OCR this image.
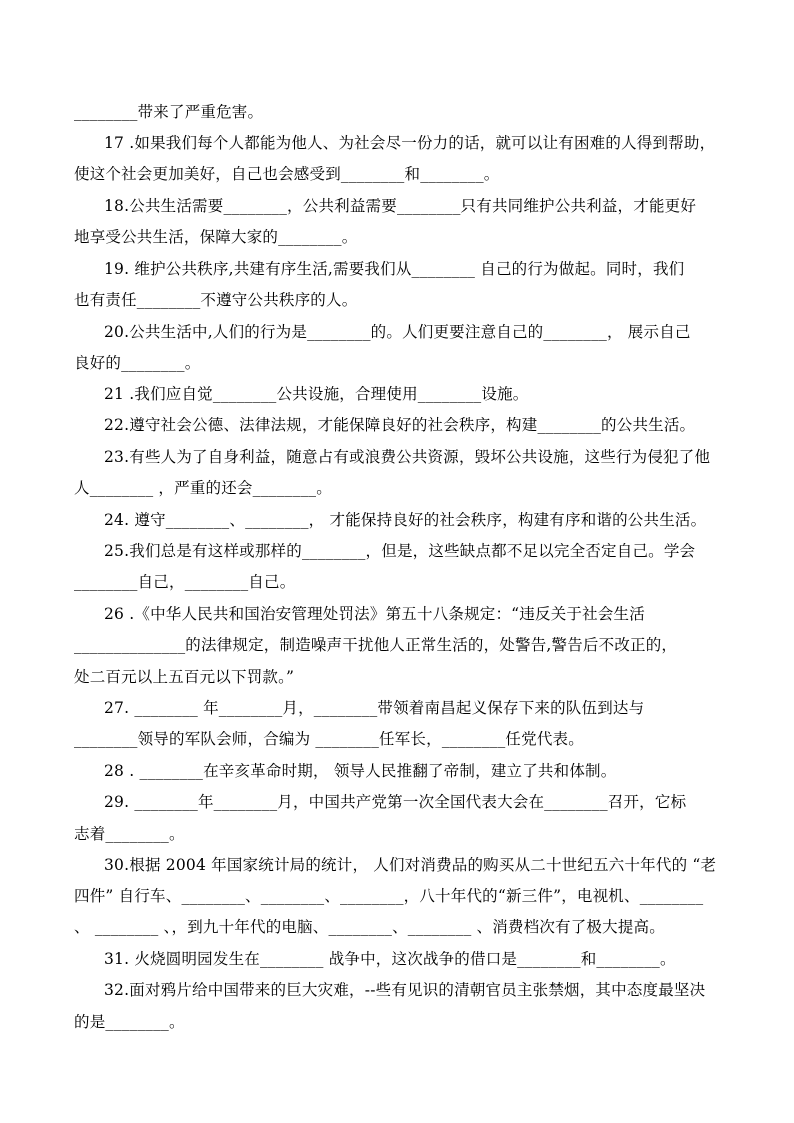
________带来了严重危害。
17 .如果我们每个人都能为他人、为社会尽一份力的话，就可以让有困难的人得到帮助，
使这个社会更加美好，自己也会感受到________和________。
18.公共生活需要________，公共利益需要________只有共同维护公共利益，才能更好
地享受公共生活，保障大家的________。
19. 维护公共秩序,共建有序生活,需要我们从________ 自己的行为做起。同时，我们
也有责任________不遵守公共秩序的人。
20.公共生活中,人们的行为是________的。人们更要注意自己的________， 展示自己
良好的________。
21 .我们应自觉________公共设施，合理使用________设施。
22.遵守社会公德、法律法规，才能保障良好的社会秩序，构建________的公共生活。
23.有些人为了自身利益，随意占有或浪费公共资源，毁坏公共设施，这些行为侵犯了他
人________ ，严重的还会________。
24. 遵守________、________， 才能保持良好的社会秩序，构建有序和谐的公共生活。
25.我们总是有这样或那样的________，但是，这些缺点都不足以完全否定自己。学会
________自己，________自己。
26 .《中华人民共和国治安管理处罚法》第五十八条规定：“违反关于社会生活
______________的法律规定，制造噪声干扰他人正常生活的，处警告,警告后不改正的，
处二百元以上五百元以下罚款。”
27. ________ 年________月，________带领着南昌起义保存下来的队伍到达与
________领导的军队会师，合编为 ________任军长，________任党代表。
28 . ________在辛亥革命时期， 领导人民推翻了帝制，建立了共和体制。
29. ________年________月，中国共产党第一次全国代表大会在________召开，它标
志着________。
30.根据 2004 年国家统计局的统计， 人们对消费品的购买从二十世纪五六十年代的 “老
四件” 自行车、________、________、________，八十年代的“新三件”，电视机、________
、 ________ 、，到九十年代的电脑、________、________ 、消费档次有了极大提高。
31. 火烧圆明园发生在________ 战争中，这次战争的借口是________和________。
32.面对鸦片给中国带来的巨大灾难，--些有见识的清朝官员主张禁烟，其中态度最坚决
的是________。
